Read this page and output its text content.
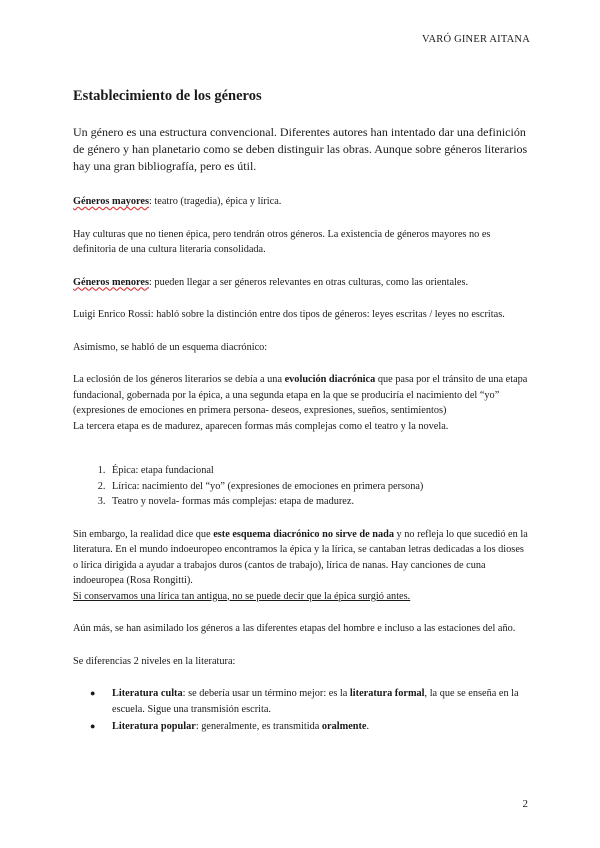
VARÓ GINER AITANA
Establecimiento de los géneros

Un género es una estructura convencional. Diferentes autores han intentado dar una definición de género y han planetario como se deben distinguir las obras. Aunque sobre géneros literarios hay una gran bibliografía, pero es útil.

Géneros mayores: teatro (tragedia), épica y lírica.

Hay culturas que no tienen épica, pero tendrán otros géneros. La existencia de géneros mayores no es definitoria de una cultura literaria consolidada.

Géneros menores: pueden llegar a ser géneros relevantes en otras culturas, como las orientales.

Luigi Enrico Rossi: habló sobre la distinción entre dos tipos de géneros: leyes escritas / leyes no escritas.

Asimismo, se habló de un esquema diacrónico:

La eclosión de los géneros literarios se debía a una evolución diacrónica que pasa por el tránsito de una etapa fundacional, gobernada por la épica, a una segunda etapa en la que se produciría el nacimiento del “yo” (expresiones de emociones en primera persona- deseos, expresiones, sueños, sentimientos)

La tercera etapa es de madurez, aparecen formas más complejas como el teatro y la novela.

1. Épica: etapa fundacional
2. Lírica: nacimiento del “yo” (expresiones de emociones en primera persona)
3. Teatro y novela- formas más complejas: etapa de madurez.

Sin embargo, la realidad dice que este esquema diacrónico no sirve de nada y no refleja lo que sucedió en la literatura. En el mundo indoeuropeo encontramos la épica y la lírica, se cantaban letras dedicadas a los dioses o lírica dirigida a ayudar a trabajos duros (cantos de trabajo), lírica de nanas. Hay canciones de cuna indoeuropea (Rosa Rongitti).

Si conservamos una lírica tan antigua, no se puede decir que la épica surgió antes.

Aún más, se han asimilado los géneros a las diferentes etapas del hombre e incluso a las estaciones del año.

Se diferencias 2 niveles en la literatura:

● Literatura culta: se debería usar un término mejor: es la literatura formal, la que se enseña en la escuela. Sigue una transmisión escrita.
● Literatura popular: generalmente, es transmitida oralmente.
2
